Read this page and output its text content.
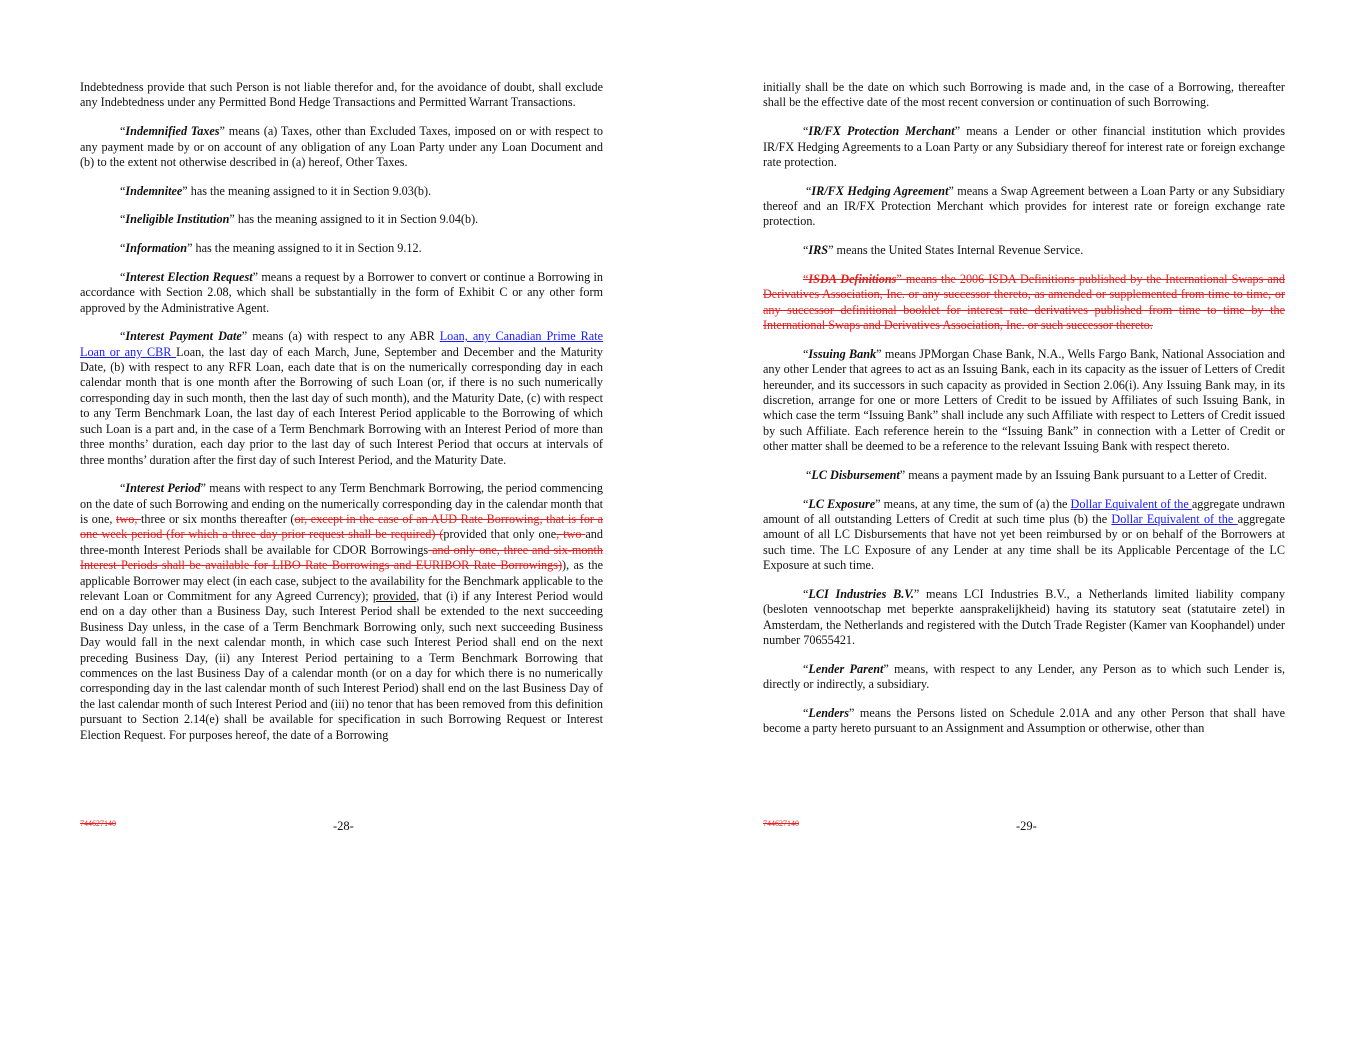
Indebtedness provide that such Person is not liable therefor and, for the avoidance of doubt, shall exclude any Indebtedness under any Permitted Bond Hedge Transactions and Permitted Warrant Transactions.

“Indemnified Taxes” means (a) Taxes, other than Excluded Taxes, imposed on or with respect to any payment made by or on account of any obligation of any Loan Party under any Loan Document and (b) to the extent not otherwise described in (a) hereof, Other Taxes.

“Indemnitee” has the meaning assigned to it in Section 9.03(b).

“Ineligible Institution” has the meaning assigned to it in Section 9.04(b).

“Information” has the meaning assigned to it in Section 9.12.

“Interest Election Request” means a request by a Borrower to convert or continue a Borrowing in accordance with Section 2.08, which shall be substantially in the form of Exhibit C or any other form approved by the Administrative Agent.

“Interest Payment Date” means (a) with respect to any ABR Loan, any Canadian Prime Rate Loan or any CBR Loan, the last day of each March, June, September and December and the Maturity Date, (b) with respect to any RFR Loan, each date that is on the numerically corresponding day in each calendar month that is one month after the Borrowing of such Loan (or, if there is no such numerically corresponding day in such month, then the last day of such month), and the Maturity Date, (c) with respect to any Term Benchmark Loan, the last day of each Interest Period applicable to the Borrowing of which such Loan is a part and, in the case of a Term Benchmark Borrowing with an Interest Period of more than three months’ duration, each day prior to the last day of such Interest Period that occurs at intervals of three months’ duration after the first day of such Interest Period, and the Maturity Date.

“Interest Period” means with respect to any Term Benchmark Borrowing, the period commencing on the date of such Borrowing and ending on the numerically corresponding day in the calendar month that is one, two, three or six months thereafter (or, except in the case of an AUD Rate Borrowing, that is for a one week period (for which a three day prior request shall be required) (provided that only one, two and three-month Interest Periods shall be available for CDOR Borrowings and only one, three and six-month Interest Periods shall be available for LIBO Rate Borrowings and EURIBOR Rate Borrowings)), as the applicable Borrower may elect (in each case, subject to the availability for the Benchmark applicable to the relevant Loan or Commitment for any Agreed Currency); provided, that (i) if any Interest Period would end on a day other than a Business Day, such Interest Period shall be extended to the next succeeding Business Day unless, in the case of a Term Benchmark Borrowing only, such next succeeding Business Day would fall in the next calendar month, in which case such Interest Period shall end on the next preceding Business Day, (ii) any Interest Period pertaining to a Term Benchmark Borrowing that commences on the last Business Day of a calendar month (or on a day for which there is no numerically corresponding day in the last calendar month of such Interest Period) shall end on the last Business Day of the last calendar month of such Interest Period and (iii) no tenor that has been removed from this definition pursuant to Section 2.14(e) shall be available for specification in such Borrowing Request or Interest Election Request. For purposes hereof, the date of a Borrowing

744627140	-28-

initially shall be the date on which such Borrowing is made and, in the case of a Borrowing, thereafter shall be the effective date of the most recent conversion or continuation of such Borrowing.

“IR/FX Protection Merchant” means a Lender or other financial institution which provides IR/FX Hedging Agreements to a Loan Party or any Subsidiary thereof for interest rate or foreign exchange rate protection.

“IR/FX Hedging Agreement” means a Swap Agreement between a Loan Party or any Subsidiary thereof and an IR/FX Protection Merchant which provides for interest rate or foreign exchange rate protection.

“IRS” means the United States Internal Revenue Service.

“ISDA Definitions” means the 2006 ISDA Definitions published by the International Swaps and Derivatives Association, Inc. or any successor thereto, as amended or supplemented from time to time, or any successor definitional booklet for interest rate derivatives published from time to time by the International Swaps and Derivatives Association, Inc. or such successor thereto.

“Issuing Bank” means JPMorgan Chase Bank, N.A., Wells Fargo Bank, National Association and any other Lender that agrees to act as an Issuing Bank, each in its capacity as the issuer of Letters of Credit hereunder, and its successors in such capacity as provided in Section 2.06(i). Any Issuing Bank may, in its discretion, arrange for one or more Letters of Credit to be issued by Affiliates of such Issuing Bank, in which case the term “Issuing Bank” shall include any such Affiliate with respect to Letters of Credit issued by such Affiliate. Each reference herein to the “Issuing Bank” in connection with a Letter of Credit or other matter shall be deemed to be a reference to the relevant Issuing Bank with respect thereto.

“LC Disbursement” means a payment made by an Issuing Bank pursuant to a Letter of Credit.

“LC Exposure” means, at any time, the sum of (a) the Dollar Equivalent of the aggregate undrawn amount of all outstanding Letters of Credit at such time plus (b) the Dollar Equivalent of the aggregate amount of all LC Disbursements that have not yet been reimbursed by or on behalf of the Borrowers at such time. The LC Exposure of any Lender at any time shall be its Applicable Percentage of the LC Exposure at such time.

“LCI Industries B.V.” means LCI Industries B.V., a Netherlands limited liability company (besloten vennootschap met beperkte aansprakelijkheid) having its statutory seat (statutaire zetel) in Amsterdam, the Netherlands and registered with the Dutch Trade Register (Kamer van Koophandel) under number 70655421.

“Lender Parent” means, with respect to any Lender, any Person as to which such Lender is, directly or indirectly, a subsidiary.

“Lenders” means the Persons listed on Schedule 2.01A and any other Person that shall have become a party hereto pursuant to an Assignment and Assumption or otherwise, other than

744627140	-29-
